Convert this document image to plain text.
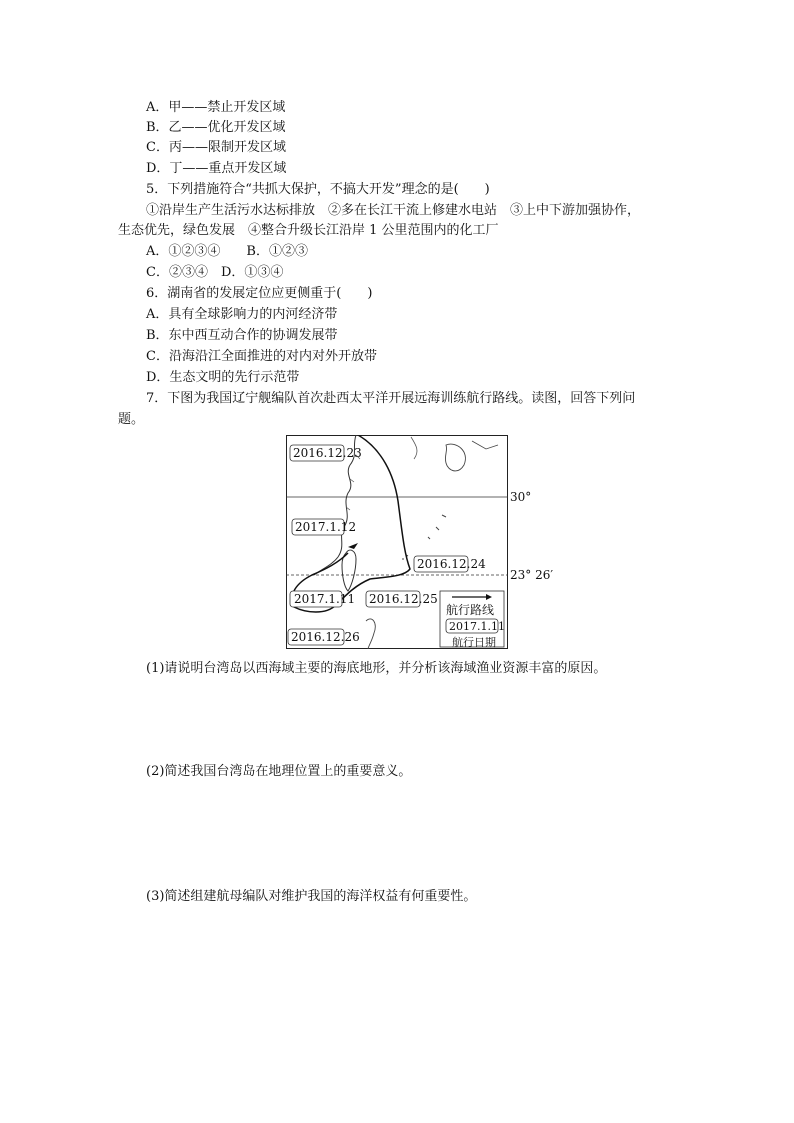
A．甲——禁止开发区域
B．乙——优化开发区域
C．丙——限制开发区域
D．丁——重点开发区域
5．下列措施符合“共抓大保护，不搞大开发”理念的是(　　)
①沿岸生产生活污水达标排放　②多在长江干流上修建水电站　③上中下游加强协作，
生态优先，绿色发展　④整合升级长江沿岸 1 公里范围内的化工厂
A．①②③④　　B．①②③
C．②③④　D．①③④
6．湖南省的发展定位应更侧重于(　　)
A．具有全球影响力的内河经济带
B．东中西互动合作的协调发展带
C．沿海沿江全面推进的对内对外开放带
D．生态文明的先行示范带
7．下图为我国辽宁舰编队首次赴西太平洋开展远海训练航行路线。读图，回答下列问
题。
2016.12.23
2017.1.12
2016.12.24
2017.1.11 2016.12.25
2016.12.26
航行路线
2017.1.11
航行日期
30°
23° 26′
(1)请说明台湾岛以西海域主要的海底地形，并分析该海域渔业资源丰富的原因。
(2)简述我国台湾岛在地理位置上的重要意义。
(3)简述组建航母编队对维护我国的海洋权益有何重要性。
